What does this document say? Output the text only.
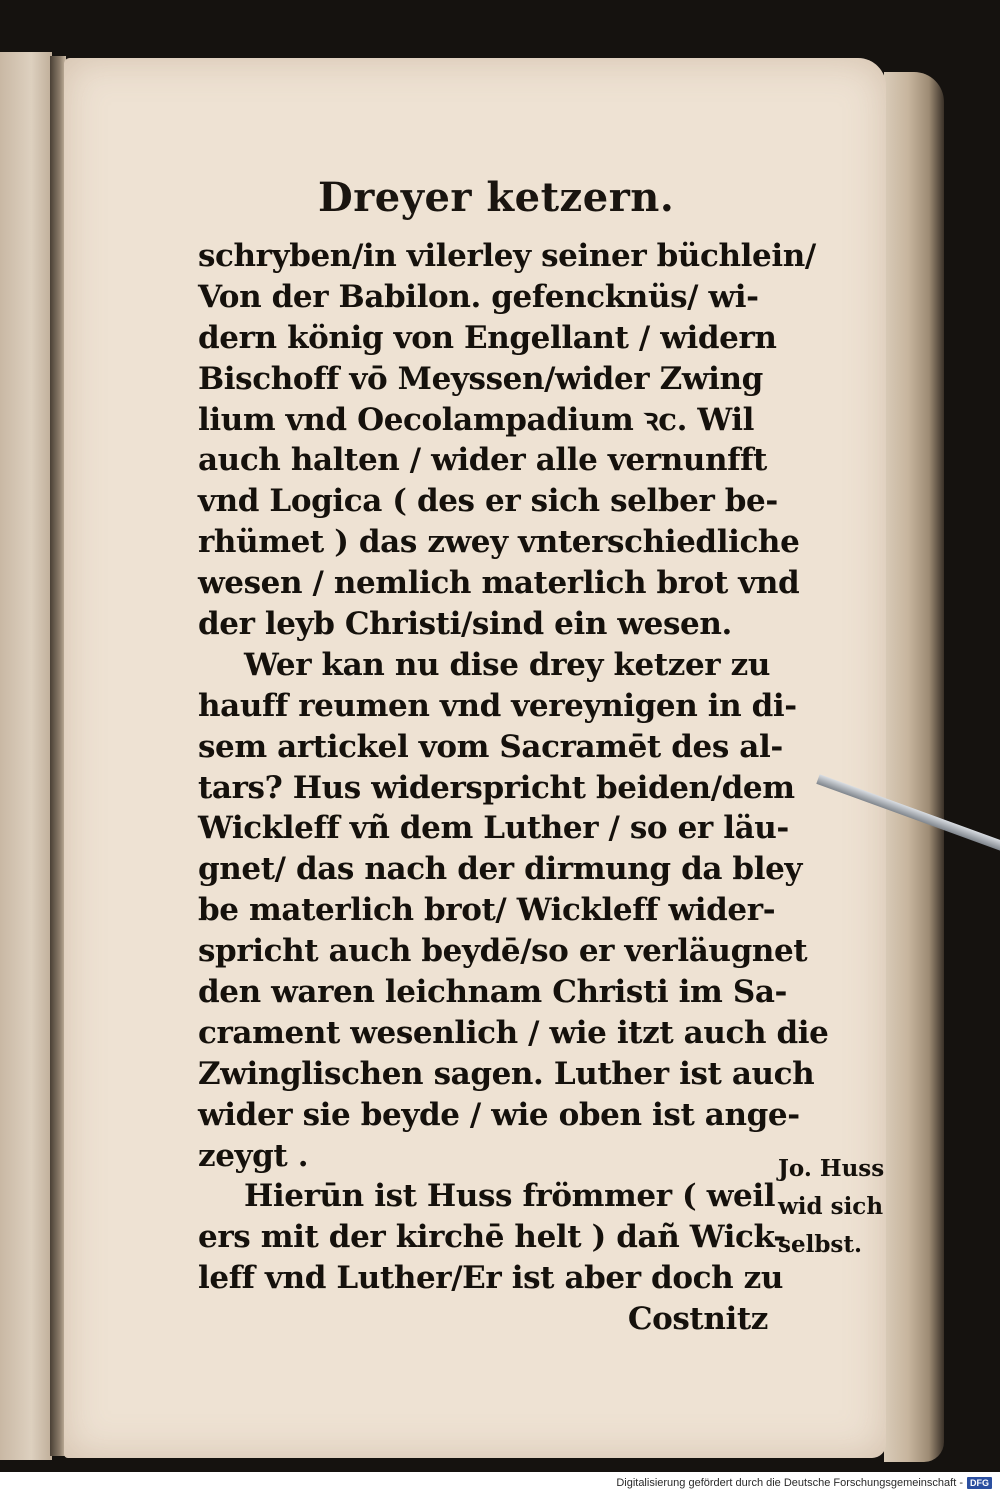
Dreyer ketzern.
schryben/in vilerley seiner büchlein/
Von der Babilon. gefencknüs/ wi-
dern könig von Engellant / widern
Bischoff vō Meyssen/wider Zwing
lium vnd Oecolampadium ꝛc. Wil
auch halten / wider alle vernunfft
vnd Logica ( des er sich selber be-
rhümet ) das zwey vnterschiedliche
wesen / nemlich materlich brot vnd
der leyb Christi/sind ein wesen.
Wer kan nu dise drey ketzer zu
hauff reumen vnd vereynigen in di-
sem artickel vom Sacramēt des al-
tars? Hus widerspricht beiden/dem
Wickleff vñ dem Luther / so er läu-
gnet/ das nach der dirmung da bley
be materlich brot/ Wickleff wider-
spricht auch beydē/so er verläugnet
den waren leichnam Christi im Sa-
crament wesenlich / wie itzt auch die
Zwinglischen sagen. Luther ist auch
wider sie beyde / wie oben ist ange-
zeygt .
Hierūn ist Huss frömmer ( weil
ers mit der kirchē helt ) dañ Wick-
leff vnd Luther/Er ist aber doch zu
Costnitz
Jo. Huss
wid sich
selbst.
Digitalisierung gefördert durch die Deutsche Forschungsgemeinschaft - DFG
